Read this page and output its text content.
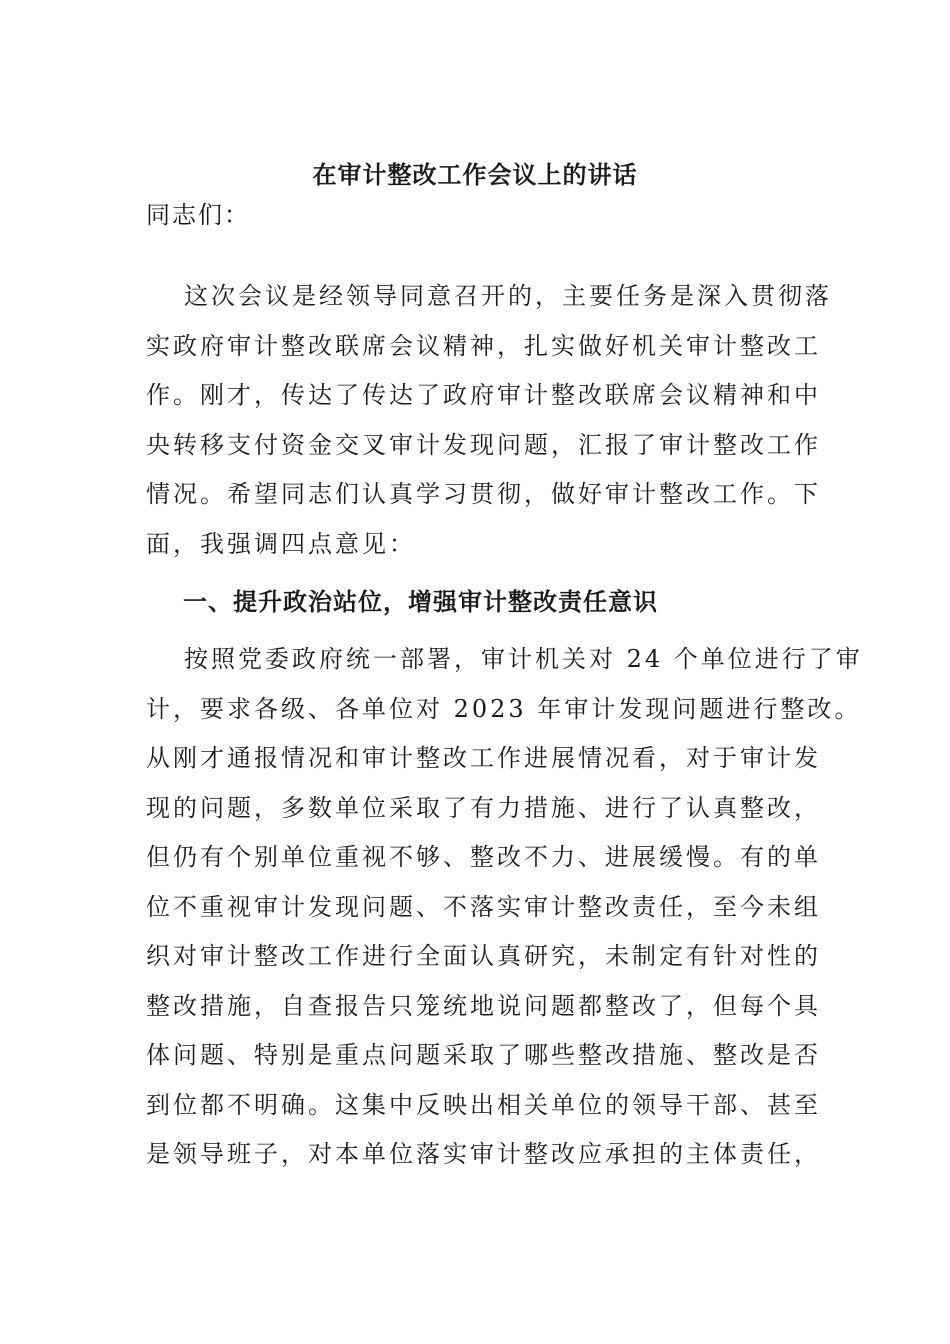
在审计整改工作会议上的讲话
同志们：
这次会议是经领导同意召开的，主要任务是深入贯彻落
实政府审计整改联席会议精神，扎实做好机关审计整改工
作。刚才，传达了传达了政府审计整改联席会议精神和中
央转移支付资金交叉审计发现问题，汇报了审计整改工作
情况。希望同志们认真学习贯彻，做好审计整改工作。下
面，我强调四点意见：
一、提升政治站位，增强审计整改责任意识
按照党委政府统一部署，审计机关对 24 个单位进行了审
计，要求各级、各单位对 2023 年审计发现问题进行整改。
从刚才通报情况和审计整改工作进展情况看，对于审计发
现的问题，多数单位采取了有力措施、进行了认真整改，
但仍有个别单位重视不够、整改不力、进展缓慢。有的单
位不重视审计发现问题、不落实审计整改责任，至今未组
织对审计整改工作进行全面认真研究，未制定有针对性的
整改措施，自查报告只笼统地说问题都整改了，但每个具
体问题、特别是重点问题采取了哪些整改措施、整改是否
到位都不明确。这集中反映出相关单位的领导干部、甚至
是领导班子，对本单位落实审计整改应承担的主体责任，
